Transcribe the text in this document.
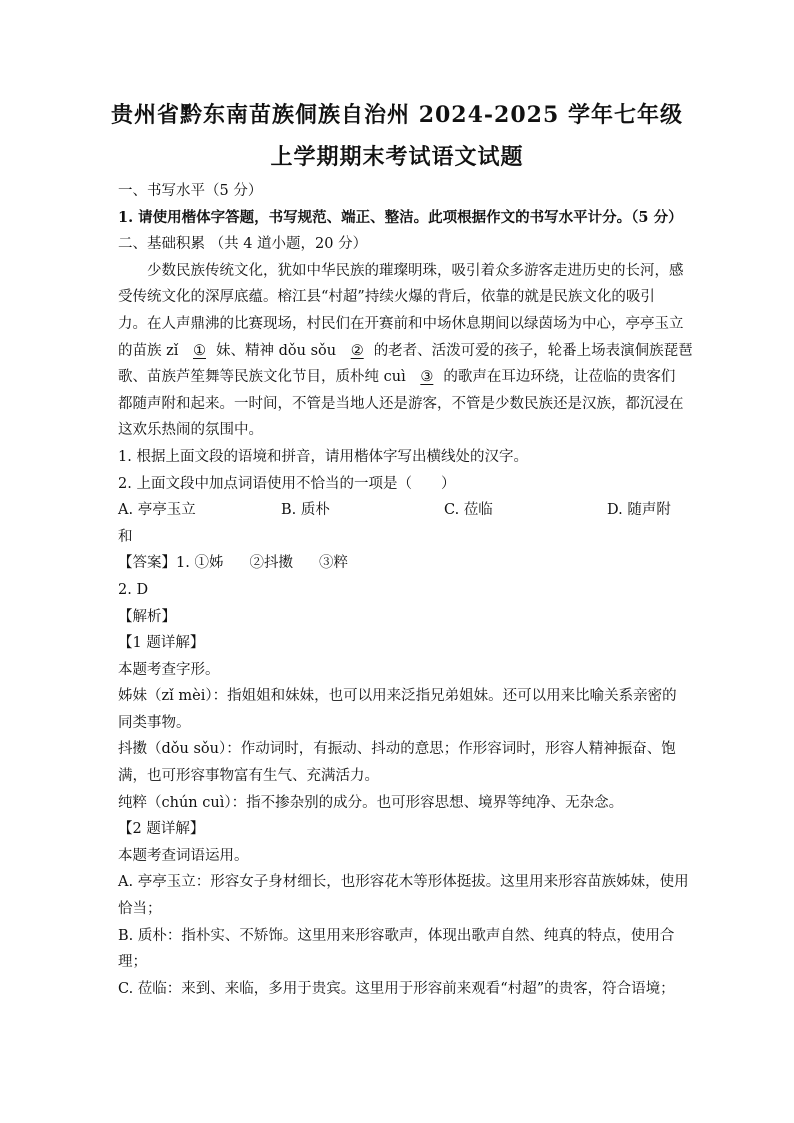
贵州省黔东南苗族侗族自治州 2024-2025 学年七年级
上学期期末考试语文试题
一、书写水平（5 分）
1. 请使用楷体字答题，书写规范、端正、整洁。此项根据作文的书写水平计分。（5 分）
二、基础积累 （共 4 道小题，20 分）
少数民族传统文化，犹如中华民族的璀璨明珠，吸引着众多游客走进历史的长河，感
受传统文化的深厚底蕴。榕江县“村超”持续火爆的背后，依靠的就是民族文化的吸引
力。在人声鼎沸的比赛现场，村民们在开赛前和中场休息期间以绿茵场为中心，亭亭玉立
的苗族 zǐ ① 妹、精神 dǒu sǒu ② 的老者、活泼可爱的孩子，轮番上场表演侗族琵琶
歌、苗族芦笙舞等民族文化节目，质朴纯 cuì ③ 的歌声在耳边环绕，让莅临的贵客们
都随声附和起来。一时间，不管是当地人还是游客，不管是少数民族还是汉族，都沉浸在
这欢乐热闹的氛围中。
1. 根据上面文段的语境和拼音，请用楷体字写出横线处的汉字。
2. 上面文段中加点词语使用不恰当的一项是（　　）
A. 亭亭玉立	B. 质朴	C. 莅临	D. 随声附
和
【答案】1. ①姊 ②抖擞 ③粹
2. D
【解析】
【1 题详解】
本题考查字形。
姊妹（zǐ mèi）：指姐姐和妹妹，也可以用来泛指兄弟姐妹。还可以用来比喻关系亲密的
同类事物。
抖擞（dǒu sǒu）：作动词时，有振动、抖动的意思；作形容词时，形容人精神振奋、饱
满，也可形容事物富有生气、充满活力。
纯粹（chún cuì）：指不掺杂别的成分。也可形容思想、境界等纯净、无杂念。
【2 题详解】
本题考查词语运用。
A. 亭亭玉立：形容女子身材细长，也形容花木等形体挺拔。这里用来形容苗族姊妹，使用
恰当；
B. 质朴：指朴实、不矫饰。这里用来形容歌声，体现出歌声自然、纯真的特点，使用合
理；
C. 莅临：来到、来临，多用于贵宾。这里用于形容前来观看“村超”的贵客，符合语境；
